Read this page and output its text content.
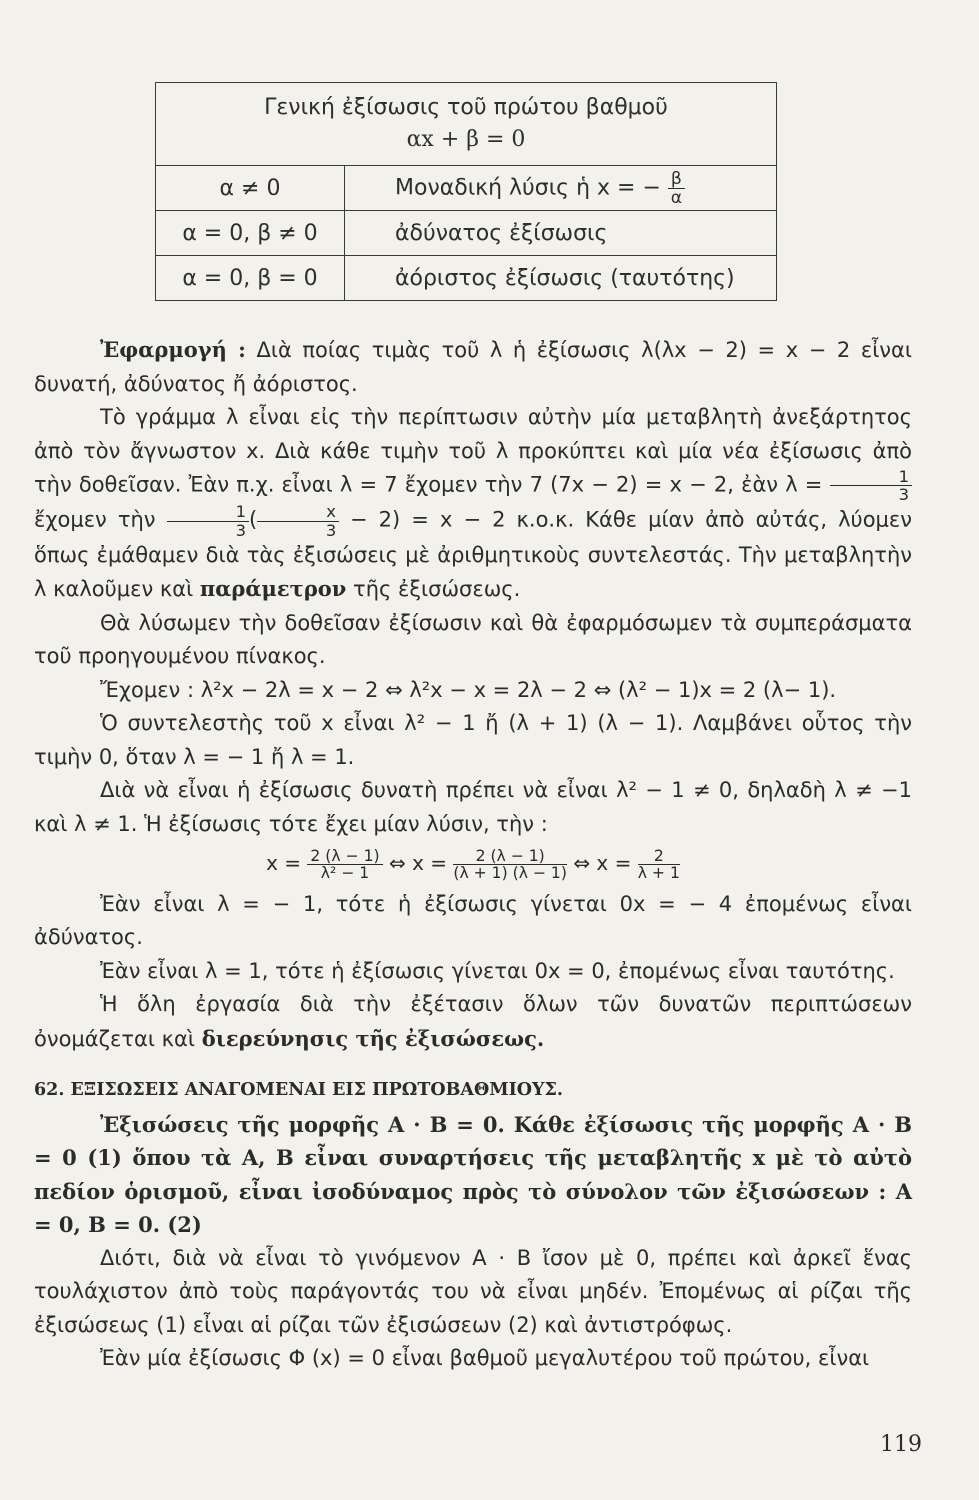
Γενική ἐξίσωσις τοῦ πρώτου βαθμοῦ
αx + β = 0	

α ≠ 0	Μοναδική λύσις ἡ x = − $\frac{\beta}{\alpha}$

α = 0, β ≠ 0	ἀδύνατος ἐξίσωσις
α = 0, β = 0	ἀόριστος ἐξίσωσις (ταυτότης)

Ἐφαρμογή : Διὰ ποίας τιμὰς τοῦ λ ἡ ἐξίσωσις λ(λx − 2) = x − 2 εἶναι δυνατή, ἀδύνατος ἤ ἀόριστος.

Τὸ γράμμα λ εἶναι εἰς τὴν περίπτωσιν αὐτὴν μία μεταβλητὴ ἀνεξάρτητος ἀπὸ τὸν ἄγνωστον x. Διὰ κάθε τιμὴν τοῦ λ προκύπτει καὶ μία νέα ἐξίσωσις ἀπὸ τὴν δοθεῖσαν. Ἐὰν π.χ. εἶναι λ = 7 ἔχομεν τὴν 7 (7x − 2) = x − 2, ἐὰν $\lambda = \frac{1}{3}$
ἔχομεν τὴν $\frac{1}{3}$ ( $\frac{x}{3} - 2) = x - 2$ κ.ο.κ. Κάθε μίαν ἀπὸ αὐτάς, λύομεν ὅπως ἐμάθαμεν διὰ τὰς ἐξισώσεις μὲ ἀριθμητικοὺς συντελεστάς. Τὴν μεταβλητὴν λ καλοῦμεν καὶ παράμετρον τῆς ἐξισώσεως.

Θὰ λύσωμεν τὴν δοθεῖσαν ἐξίσωσιν καὶ θὰ ἐφαρμόσωμεν τὰ συμπεράσματα τοῦ προηγουμένου πίνακος.

Ἔχομεν : λ²x − 2λ = x − 2 ⇔ λ²x − x = 2λ − 2 ⇔ (λ² − 1)x = 2 (λ− 1).

Ὁ συντελεστὴς τοῦ x εἶναι λ² − 1 ἤ (λ + 1) (λ − 1). Λαμβάνει οὗτος τὴν τιμὴν 0, ὅταν λ = − 1 ἤ λ = 1.

Διὰ νὰ εἶναι ἡ ἐξίσωσις δυνατὴ πρέπει νὰ εἶναι λ² − 1 ≠ 0, δηλαδὴ λ ≠ −1 καὶ λ ≠ 1. Ἡ ἐξίσωσις τότε ἔχει μίαν λύσιν, τὴν :

$x = \frac{2 (\lambda - 1)}{\text{λ² − 1}}$ ⇔ $x = \frac{2 (\lambda - 1)}{(\lambda + 1) (\lambda - 1)}$ ⇔ $x = \frac{2}{\lambda + 1}$

Ἐὰν εἶναι λ = − 1, τότε ἡ ἐξίσωσις γίνεται 0x = − 4 ἐπομένως εἶναι ἀδύνατος.

Ἐὰν εἶναι λ = 1, τότε ἡ ἐξίσωσις γίνεται 0x = 0, ἐπομένως εἶναι ταυτότης.

Ἡ ὅλη ἐργασία διὰ τὴν ἐξέτασιν ὅλων τῶν δυνατῶν περιπτώσεων ὀνομάζεται καὶ διερεύνησις τῆς ἐξισώσεως.

62. ΕΞΙΣΩΣΕΙΣ ΑΝΑΓΟΜΕΝΑΙ ΕΙΣ ΠΡΩΤΟΒΑΘΜΙΟΥΣ.

Ἐξισώσεις τῆς μορφῆς A · B = 0. Κάθε ἐξίσωσις τῆς μορφῆς A · B = 0 (1) ὅπου τὰ A, B εἶναι συναρτήσεις τῆς μεταβλητῆς x μὲ τὸ αὐτὸ πεδίον ὁρισμοῦ, εἶναι ἰσοδύναμος πρὸς τὸ σύνολον τῶν ἐξισώσεων : A = 0, B = 0. (2)

Διότι, διὰ νὰ εἶναι τὸ γινόμενον A · B ἴσον μὲ 0, πρέπει καὶ ἀρκεῖ ἕνας τουλάχιστον ἀπὸ τοὺς παράγοντάς του νὰ εἶναι μηδέν. Ἐπομένως αἱ ρίζαι τῆς ἐξισώσεως (1) εἶναι αἱ ρίζαι τῶν ἐξισώσεων (2) καὶ ἀντιστρόφως.

Ἐὰν μία ἐξίσωσις Φ (x) = 0 εἶναι βαθμοῦ μεγαλυτέρου τοῦ πρώτου, εἶναι

119
